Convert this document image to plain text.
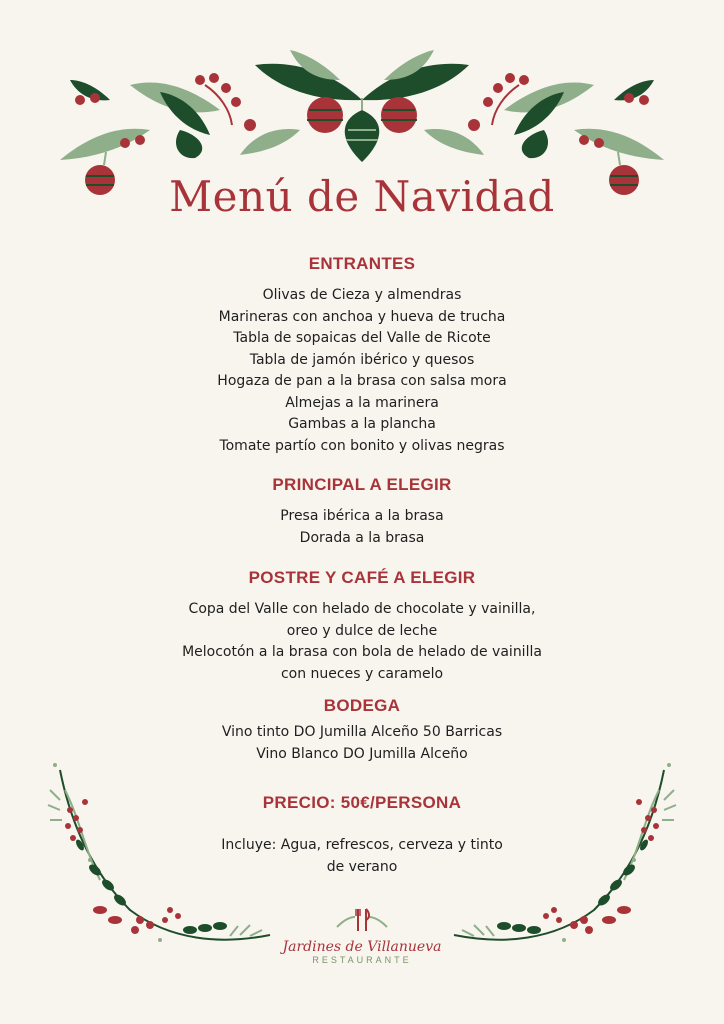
Menú de Navidad
ENTRANTES
Olivas de Cieza y almendras
Marineras con anchoa y hueva de trucha
Tabla de sopaicas del Valle de Ricote
Tabla de jamón ibérico y quesos
Hogaza de pan a la brasa con salsa mora
Almejas a la marinera
Gambas a la plancha
Tomate partío con bonito y olivas negras
PRINCIPAL A ELEGIR
Presa ibérica a la brasa
Dorada a la brasa
POSTRE Y CAFÉ A ELEGIR
Copa del Valle con helado de chocolate y vainilla,
oreo y dulce de leche
Melocotón a la brasa con bola de helado de vainilla
con nueces y caramelo
BODEGA
Vino tinto DO Jumilla Alceño 50 Barricas
Vino Blanco DO Jumilla Alceño
PRECIO: 50€/PERSONA
Incluye: Agua, refrescos, cerveza y tinto
de verano
Jardines de Villanueva
RESTAURANTE
